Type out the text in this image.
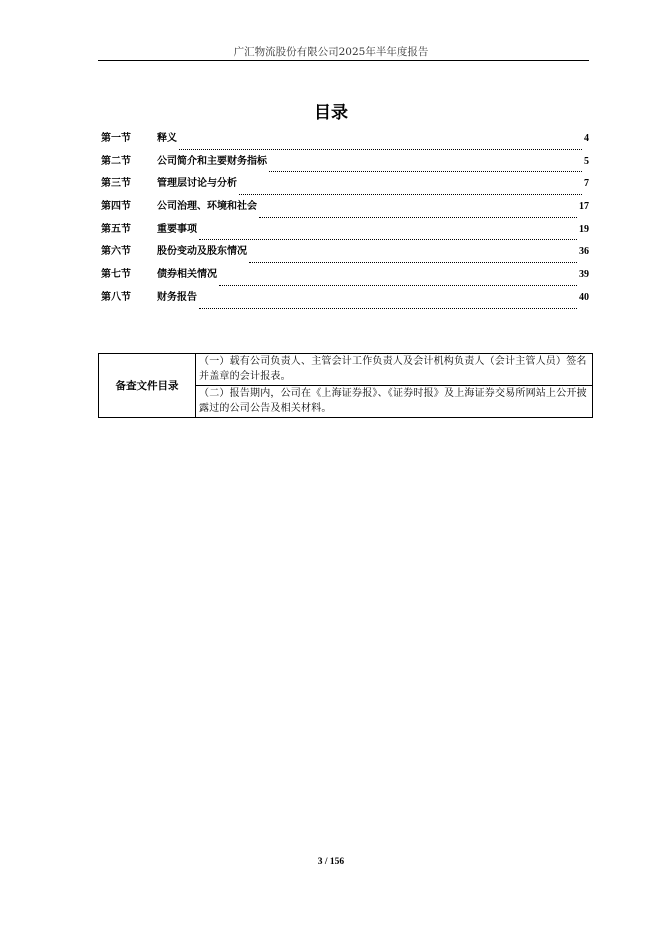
广汇物流股份有限公司2025年半年度报告
目录
第一节	释义	4
第二节	公司简介和主要财务指标	5
第三节	管理层讨论与分析	7
第四节	公司治理、环境和社会	17
第五节	重要事项	19
第六节	股份变动及股东情况	36
第七节	债券相关情况	39
第八节	财务报告	40
备查文件目录	（一）载有公司负责人、主管会计工作负责人及会计机构负责人（会计主管人员）签名并盖章的会计报表。
（二）报告期内，公司在《上海证券报》、《证券时报》及上海证券交易所网站上公开披露过的公司公告及相关材料。
3 / 156
